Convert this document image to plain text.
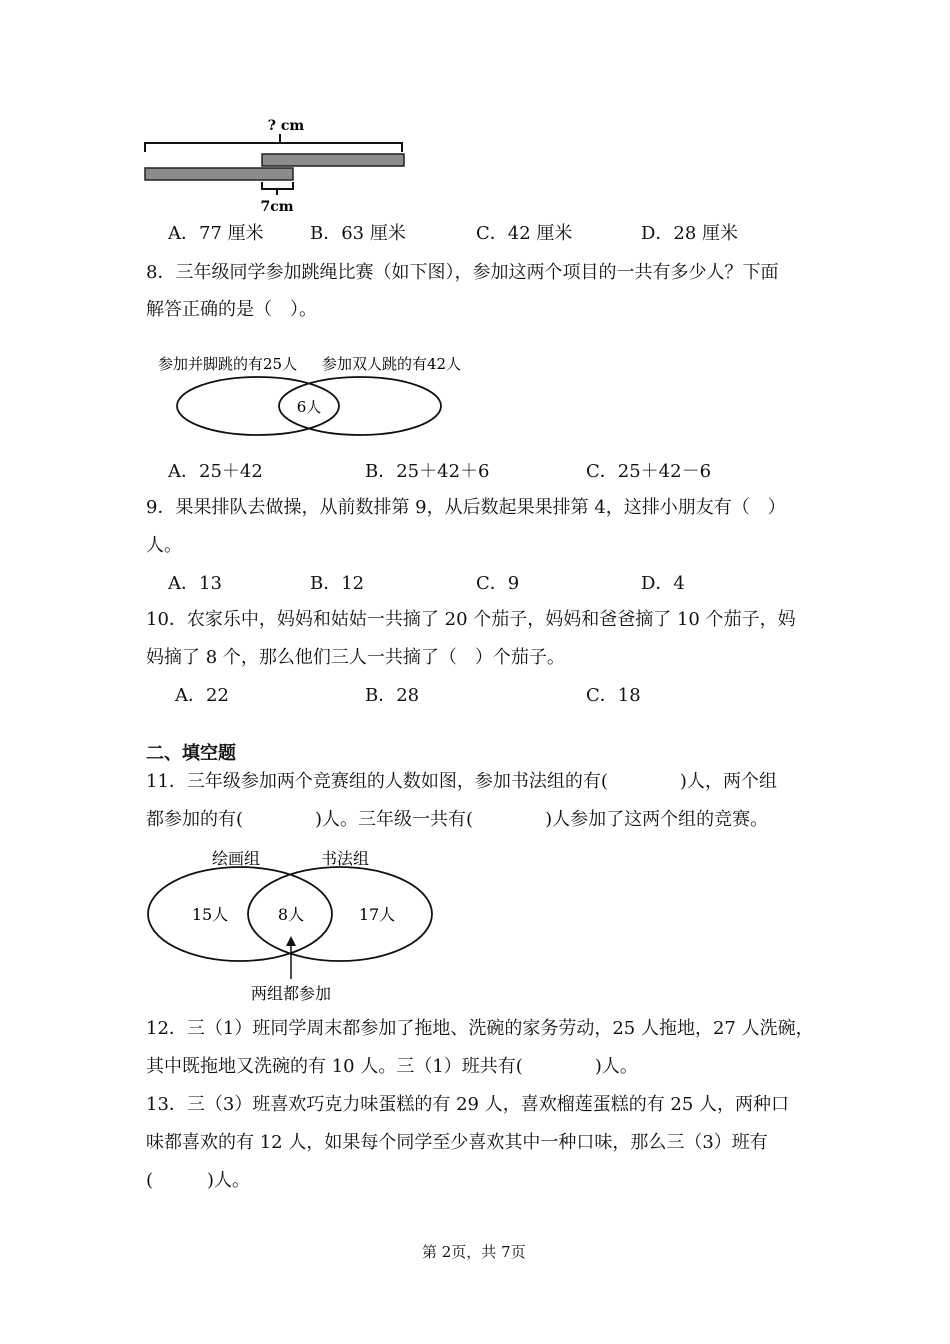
? cm
7cm
A．77 厘米	B．63 厘米	C．42 厘米	D．28 厘米
8．三年级同学参加跳绳比赛（如下图），参加这两个项目的一共有多少人？下面
解答正确的是（　）。
参加并脚跳的有25人 参加双人跳的有42人
6人
A．25＋42	B．25＋42＋6	C．25＋42－6
9．果果排队去做操，从前数排第 9，从后数起果果排第 4，这排小朋友有（　）
人。
A．13	B．12	C．9	D．4
10．农家乐中，妈妈和姑姑一共摘了 20 个茄子，妈妈和爸爸摘了 10 个茄子，妈
妈摘了 8 个，那么他们三人一共摘了（　）个茄子。
A．22	B．28	C．18
二、填空题
11．三年级参加两个竞赛组的人数如图，参加书法组的有(　　　　)人，两个组
都参加的有(　　　　)人。三年级一共有(　　　　)人参加了这两个组的竞赛。
绘画组	书法组
15人	8人	17人
两组都参加
12．三（1）班同学周末都参加了拖地、洗碗的家务劳动，25 人拖地，27 人洗碗，
其中既拖地又洗碗的有 10 人。三（1）班共有(　　　　)人。
13．三（3）班喜欢巧克力味蛋糕的有 29 人，喜欢榴莲蛋糕的有 25 人，两种口
味都喜欢的有 12 人，如果每个同学至少喜欢其中一种口味，那么三（3）班有
(　　　)人。
第 2页，共 7页
